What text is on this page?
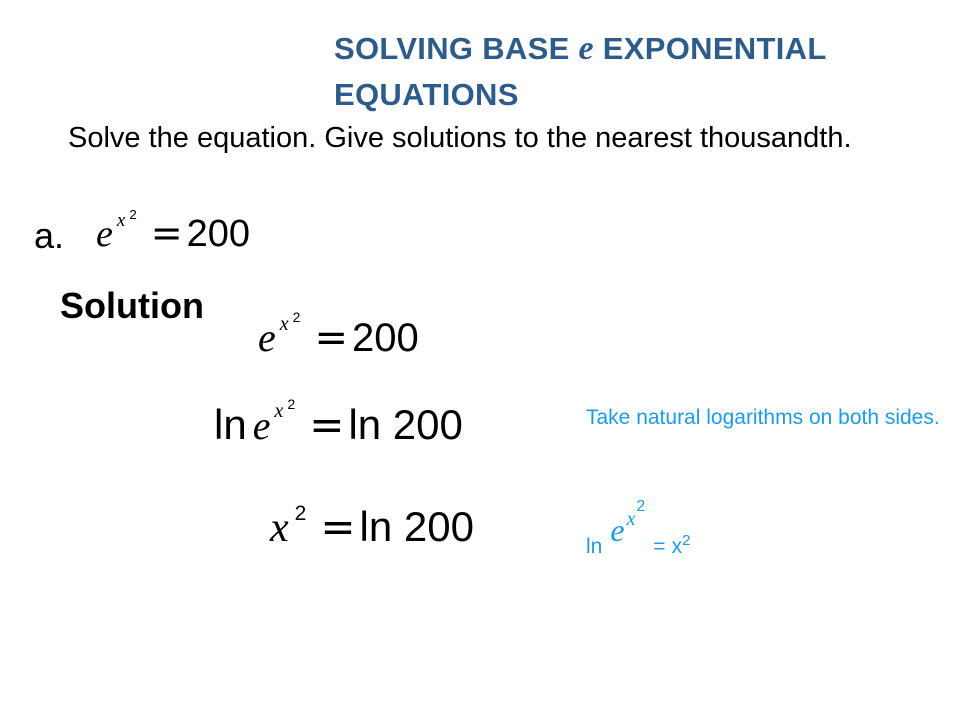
SOLVING BASE e EXPONENTIAL EQUATIONS
Solve the equation. Give solutions to the nearest thousandth.
a. e x $^2$ = 200
Solution
e x $^2$ = 200
ln e x $^2$ =ln 200
x $^2$ =ln 200
Take natural logarithms on both sides.
ln e $x^2= x^2$
